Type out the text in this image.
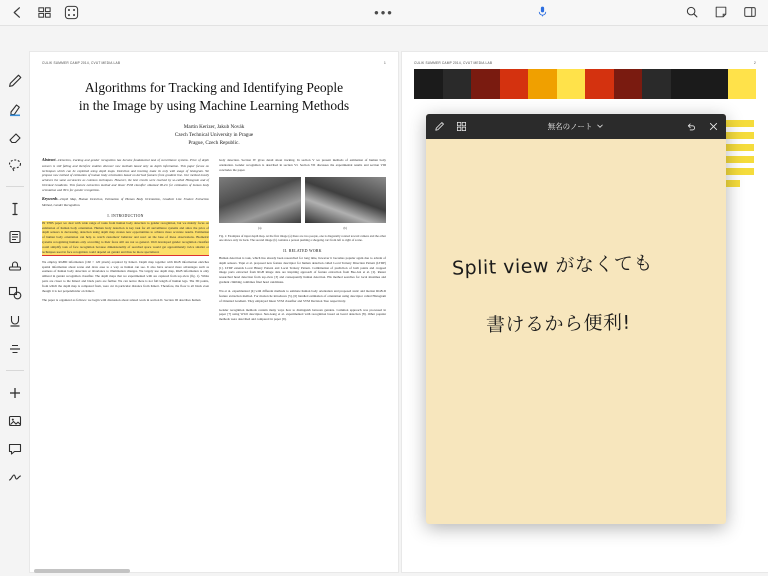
•••
CULIK SUMMER CAMP 2014, CVUT MEDIA LAB	1
Algorithms for Tracking and Identifying People
in the Image by using Machine Learning Methods
Martin Kerizer, Jakub Novák
Czech Technical University in Prague
Prague, Czech Republic.

Abstract—Detection, tracking and gender recognition has become fundamental task of surveillance systems. Price of depth sensors is still falling and therefore enables discover new methods based only on depth information. This paper focuse on techniques which can be exploited using depth maps. Detection and tracking make its only with usage of histogram. We propose new method of estimation of human body orientation based on derived features from gradient line. Our method mostly achieves the same accuracies as common techniques. However, the best results were reached by so-called Histogram and of Oriented Gradients. This feature extraction method and linear SVM classifier obtained 96.4% for estimation of human body orientation and 99% for gender recognition.

Keywords—Depth Map, Human Detection, Estimation of Human Body Orientation, Gradient Line Feature Extraction Method, Gender Recognition.

I. INTRODUCTION

IN THIS paper we deal with wide range of tasks from human body detection to gender recognition, but we mainly focus on estimation of human body orientation. Human body detection is key task for all surveillance systems and since the price of depth sensors is decreasing, detection using depth map creates new opportunities to achieve more accurate results. Estimation of human body orientation can help to watch customers' behavior and react on the base of these observations. Biometric systems recognizing humans only according to their faces still are not so general. Well developed gender recognition classifier could simplify task of face recognition because dimensionality of searched space would get approximately twice smaller or techniques used in face recognition could depend on gender and thus be more specialized.

We employ RGBD information (160 × 120 pixels) acquired by Kinect. Depth map together with RGB information enriches spatial information about scene and draw ease to a way as human can see. It also have several more advantages such as easiness of human body detection or invariance to illumination changes. We largely use depth map, RGB information is only utilized in gender recognition classifier. The depth maps that we experimented with are captured from top-view (fig. 1). White parts are closer to the Kinect and black parts are further. We can notice there is not full length of human legs. The 3D points, from which the depth map is computed from, were cut in particular distance from Kinect. Therefore, the floor is all black even though it is not perpendicular on Kinect.

The paper is organized as follows: we begin with discussion about related work in section II. Section III describes human

body detection. Section IV gives detail about tracking. In section V we present methods of estimation of human body orientation. Gender recognition is described in section VI. Section VII discusses the experimental results and section VIII concludes the paper.

(a)	(b)

Fig. 1: Examples of input depth map. At the first image (a) there are two people, one is diagonally rotated toward camera and the other one shows only its back. The second image (b) contains a person pushing a shopping cart from left to right of scene.

II. RELATED WORK

Human detection is task, which has already been researched for long time, however it becomes popular again due to advent of depth sensors. Yapn et al. proposed new feature descriptor for human detection called Local Ternary Direction Pattern (LTDP) [1]. LTDP extends Local Binary Pattern and Local Ternary Pattern. Combination of prediction of both points and cropped image parts extracted from RGB image data are inspiring approach of feature extraction from Bao-Jen et al. [2]. Ruster researched head detection from top-view [3] and consequently human detection. His method searches for local maximas and gradient climbing combines final head candidates.

Wu et al. experimented [4] with different methods to estimate human body orientation and proposed static and motion RGB-D feature extraction method. For motion he introduces [5], [6] handled estimation of orientation using descriptor called Histogram of Oriented Gradient. They employed linear SVM classifier and SVM Decision Tree respectively.

Gender recognition methods contain many ways how to distinguish between genders. Common approach was processed in paper [7] using WLD descriptor. Sun-Gang et al. experimented with recognition based on beard detection [8]. Other popular methods were described and compared in paper [9].

CULIK SUMMER CAMP 2014, CVUT MEDIA LAB	2

無名のノート
Split view がなくても
書けるから便利!
